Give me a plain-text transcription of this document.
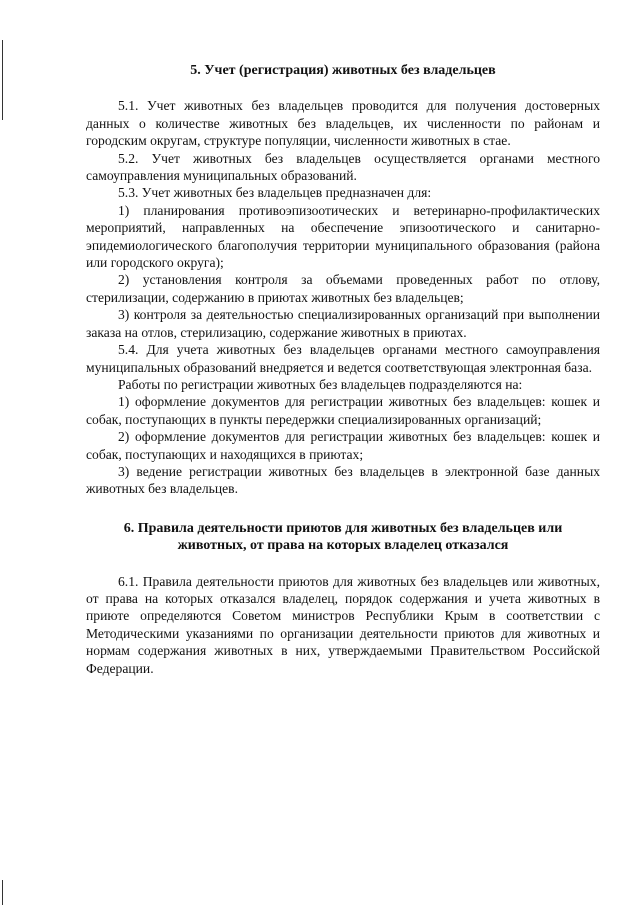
5. Учет (регистрация) животных без владельцев

5.1. Учет животных без владельцев проводится для получения достоверных данных о количестве животных без владельцев, их численности по районам и городским округам, структуре популяции, численности животных в стае.

5.2. Учет животных без владельцев осуществляется органами местного самоуправления муниципальных образований.

5.3. Учет животных без владельцев предназначен для:

1) планирования противоэпизоотических и ветеринарно-профилактических мероприятий, направленных на обеспечение эпизоотического и санитарно-эпидемиологического благополучия территории муниципального образования (района или городского округа);

2) установления контроля за объемами проведенных работ по отлову, стерилизации, содержанию в приютах животных без владельцев;

3) контроля за деятельностью специализированных организаций при выполнении заказа на отлов, стерилизацию, содержание животных в приютах.

5.4. Для учета животных без владельцев органами местного самоуправления муниципальных образований внедряется и ведется соответствующая электронная база.

Работы по регистрации животных без владельцев подразделяются на:

1) оформление документов для регистрации животных без владельцев: кошек и собак, поступающих в пункты передержки специализированных организаций;

2) оформление документов для регистрации животных без владельцев: кошек и собак, поступающих и находящихся в приютах;

3) ведение регистрации животных без владельцев в электронной базе данных животных без владельцев.

6. Правила деятельности приютов для животных без владельцев или
животных, от права на которых владелец отказался

6.1. Правила деятельности приютов для животных без владельцев или животных, от права на которых отказался владелец, порядок содержания и учета животных в приюте определяются Советом министров Республики Крым в соответствии с Методическими указаниями по организации деятельности приютов для животных и нормам содержания животных в них, утверждаемыми Правительством Российской Федерации.
